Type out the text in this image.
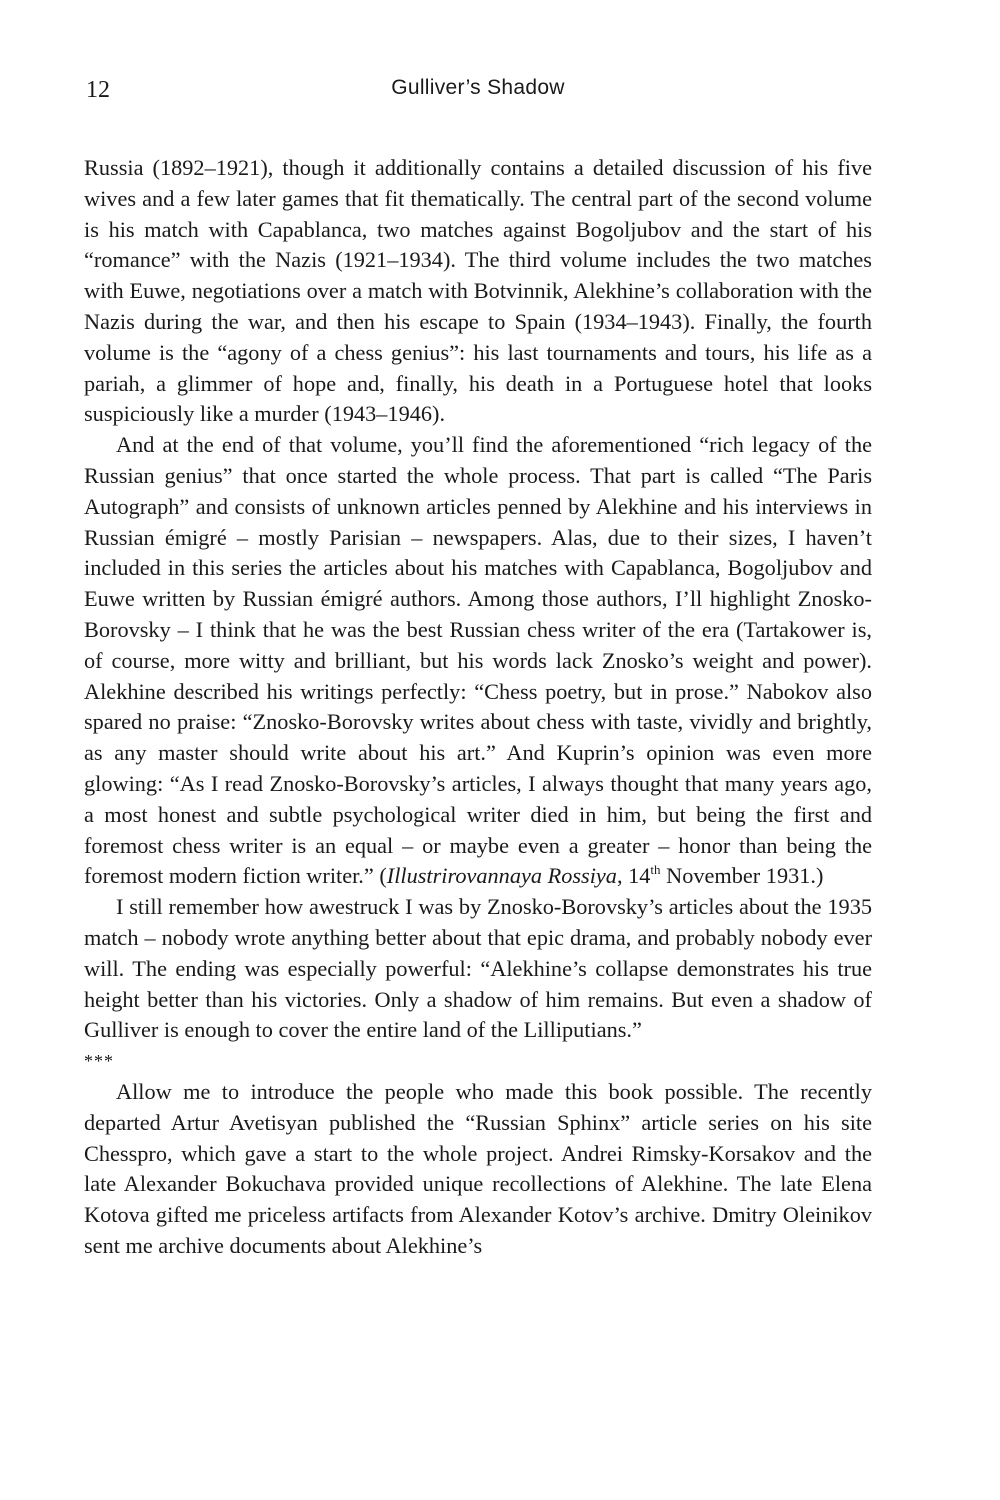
12	Gulliver’s Shadow

Russia (1892–1921), though it additionally contains a detailed discussion of his five wives and a few later games that fit thematically. The central part of the second volume is his match with Capablanca, two matches against Bogoljubov and the start of his “romance” with the Nazis (1921–1934). The third volume includes the two matches with Euwe, negotiations over a match with Botvinnik, Alekhine’s collaboration with the Nazis during the war, and then his escape to Spain (1934–1943). Finally, the fourth volume is the “agony of a chess genius”: his last tournaments and tours, his life as a pariah, a glimmer of hope and, finally, his death in a Portuguese hotel that looks suspiciously like a murder (1943–1946).

And at the end of that volume, you’ll find the aforementioned “rich legacy of the Russian genius” that once started the whole process. That part is called “The Paris Autograph” and consists of unknown articles penned by Alekhine and his interviews in Russian émigré – mostly Parisian – newspapers. Alas, due to their sizes, I haven’t included in this series the articles about his matches with Capablanca, Bogoljubov and Euwe written by Russian émigré authors. Among those authors, I’ll highlight Znosko-Borovsky – I think that he was the best Russian chess writer of the era (Tartakower is, of course, more witty and brilliant, but his words lack Znosko’s weight and power). Alekhine described his writings perfectly: “Chess poetry, but in prose.” Nabokov also spared no praise: “Znosko-Borovsky writes about chess with taste, vividly and brightly, as any master should write about his art.” And Kuprin’s opinion was even more glowing: “As I read Znosko-Borovsky’s articles, I always thought that many years ago, a most honest and subtle psychological writer died in him, but being the first and foremost chess writer is an equal – or maybe even a greater – honor than being the foremost modern fiction writer.” (Illustrirovannaya Rossiya, 14th November 1931.)

I still remember how awestruck I was by Znosko-Borovsky’s articles about the 1935 match – nobody wrote anything better about that epic drama, and probably nobody ever will. The ending was especially powerful: “Alekhine’s collapse demonstrates his true height better than his victories. Only a shadow of him remains. But even a shadow of Gulliver is enough to cover the entire land of the Lilliputians.”

***

Allow me to introduce the people who made this book possible. The recently departed Artur Avetisyan published the “Russian Sphinx” article series on his site Chesspro, which gave a start to the whole project. Andrei Rimsky-Korsakov and the late Alexander Bokuchava provided unique recollections of Alekhine. The late Elena Kotova gifted me priceless artifacts from Alexander Kotov’s archive. Dmitry Oleinikov sent me archive documents about Alekhine’s
